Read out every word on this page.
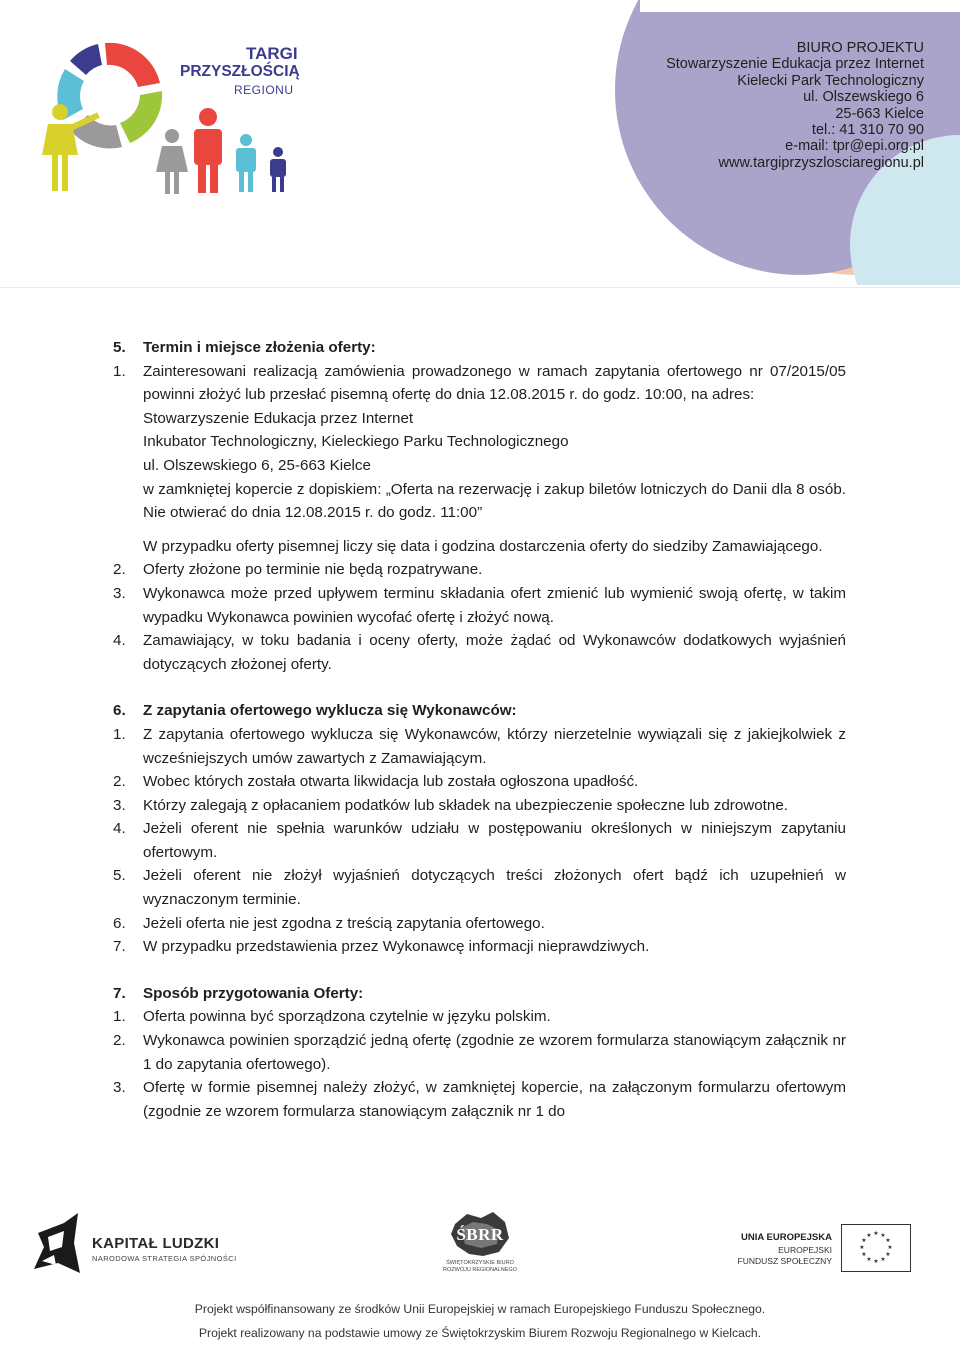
TARGI
PRZYSZŁOŚCIĄ
REGIONU
BIURO PROJEKTU
Stowarzyszenie Edukacja przez Internet
Kielecki Park Technologiczny
ul. Olszewskiego 6
25-663 Kielce
tel.: 41 310 70 90
e-mail: tpr@epi.org.pl
www.targiprzyszlosciaregionu.pl

5. Termin i miejsce złożenia oferty:

1.	Zainteresowani realizacją zamówienia prowadzonego w ramach zapytania ofertowego nr 07/2015/05 powinni złożyć lub przesłać pisemną ofertę do dnia 12.08.2015 r. do godz. 10:00, na adres:
Stowarzyszenie Edukacja przez Internet
Inkubator Technologiczny, Kieleckiego Parku Technologicznego
ul. Olszewskiego 6, 25-663 Kielce
w zamkniętej kopercie z dopiskiem: „Oferta na rezerwację i zakup biletów lotniczych do Danii dla 8 osób. Nie otwierać do dnia 12.08.2015 r. do godz. 11:00”
W przypadku oferty pisemnej liczy się data i godzina dostarczenia oferty do siedziby Zamawiającego.
2.	Oferty złożone po terminie nie będą rozpatrywane.
3.	Wykonawca może przed upływem terminu składania ofert zmienić lub wymienić swoją ofertę, w takim wypadku Wykonawca powinien wycofać ofertę i złożyć nową.
4.	Zamawiający, w toku badania i oceny oferty, może żądać od Wykonawców dodatkowych wyjaśnień dotyczących złożonej oferty.

6. Z zapytania ofertowego wyklucza się Wykonawców:

1.	Z zapytania ofertowego wyklucza się Wykonawców, którzy nierzetelnie wywiązali się z jakiejkolwiek z wcześniejszych umów zawartych z Zamawiającym.
2.	Wobec których została otwarta likwidacja lub została ogłoszona upadłość.
3.	Którzy zalegają z opłacaniem podatków lub składek na ubezpieczenie społeczne lub zdrowotne.
4.	Jeżeli oferent nie spełnia warunków udziału w postępowaniu określonych w niniejszym zapytaniu ofertowym.
5.	Jeżeli oferent nie złożył wyjaśnień dotyczących treści złożonych ofert bądź ich uzupełnień w wyznaczonym terminie.
6.	Jeżeli oferta nie jest zgodna z treścią zapytania ofertowego.
7.	W przypadku przedstawienia przez Wykonawcę informacji nieprawdziwych.

7. Sposób przygotowania Oferty:

1.	Oferta powinna być sporządzona czytelnie w języku polskim.
2.	Wykonawca powinien sporządzić jedną ofertę (zgodnie ze wzorem formularza stanowiącym załącznik nr 1 do zapytania ofertowego).
3.	Ofertę w formie pisemnej należy złożyć, w zamkniętej kopercie, na załączonym formularzu ofertowym (zgodnie ze wzorem formularza stanowiącym załącznik nr 1 do
KAPITAŁ LUDZKI
NARODOWA STRATEGIA SPÓJNOŚCI
ŚBRR
ŚWIĘTOKRZYSKIE BIURO
ROZWOJU REGIONALNEGO
UNIA EUROPEJSKA
EUROPEJSKI
FUNDUSZ SPOŁECZNY
★ ★
★
★
★
★
★
★
★
★
★
★
Projekt współfinansowany ze środków Unii Europejskiej w ramach Europejskiego Funduszu Społecznego.
Projekt realizowany na podstawie umowy ze Świętokrzyskim Biurem Rozwoju Regionalnego w Kielcach.
